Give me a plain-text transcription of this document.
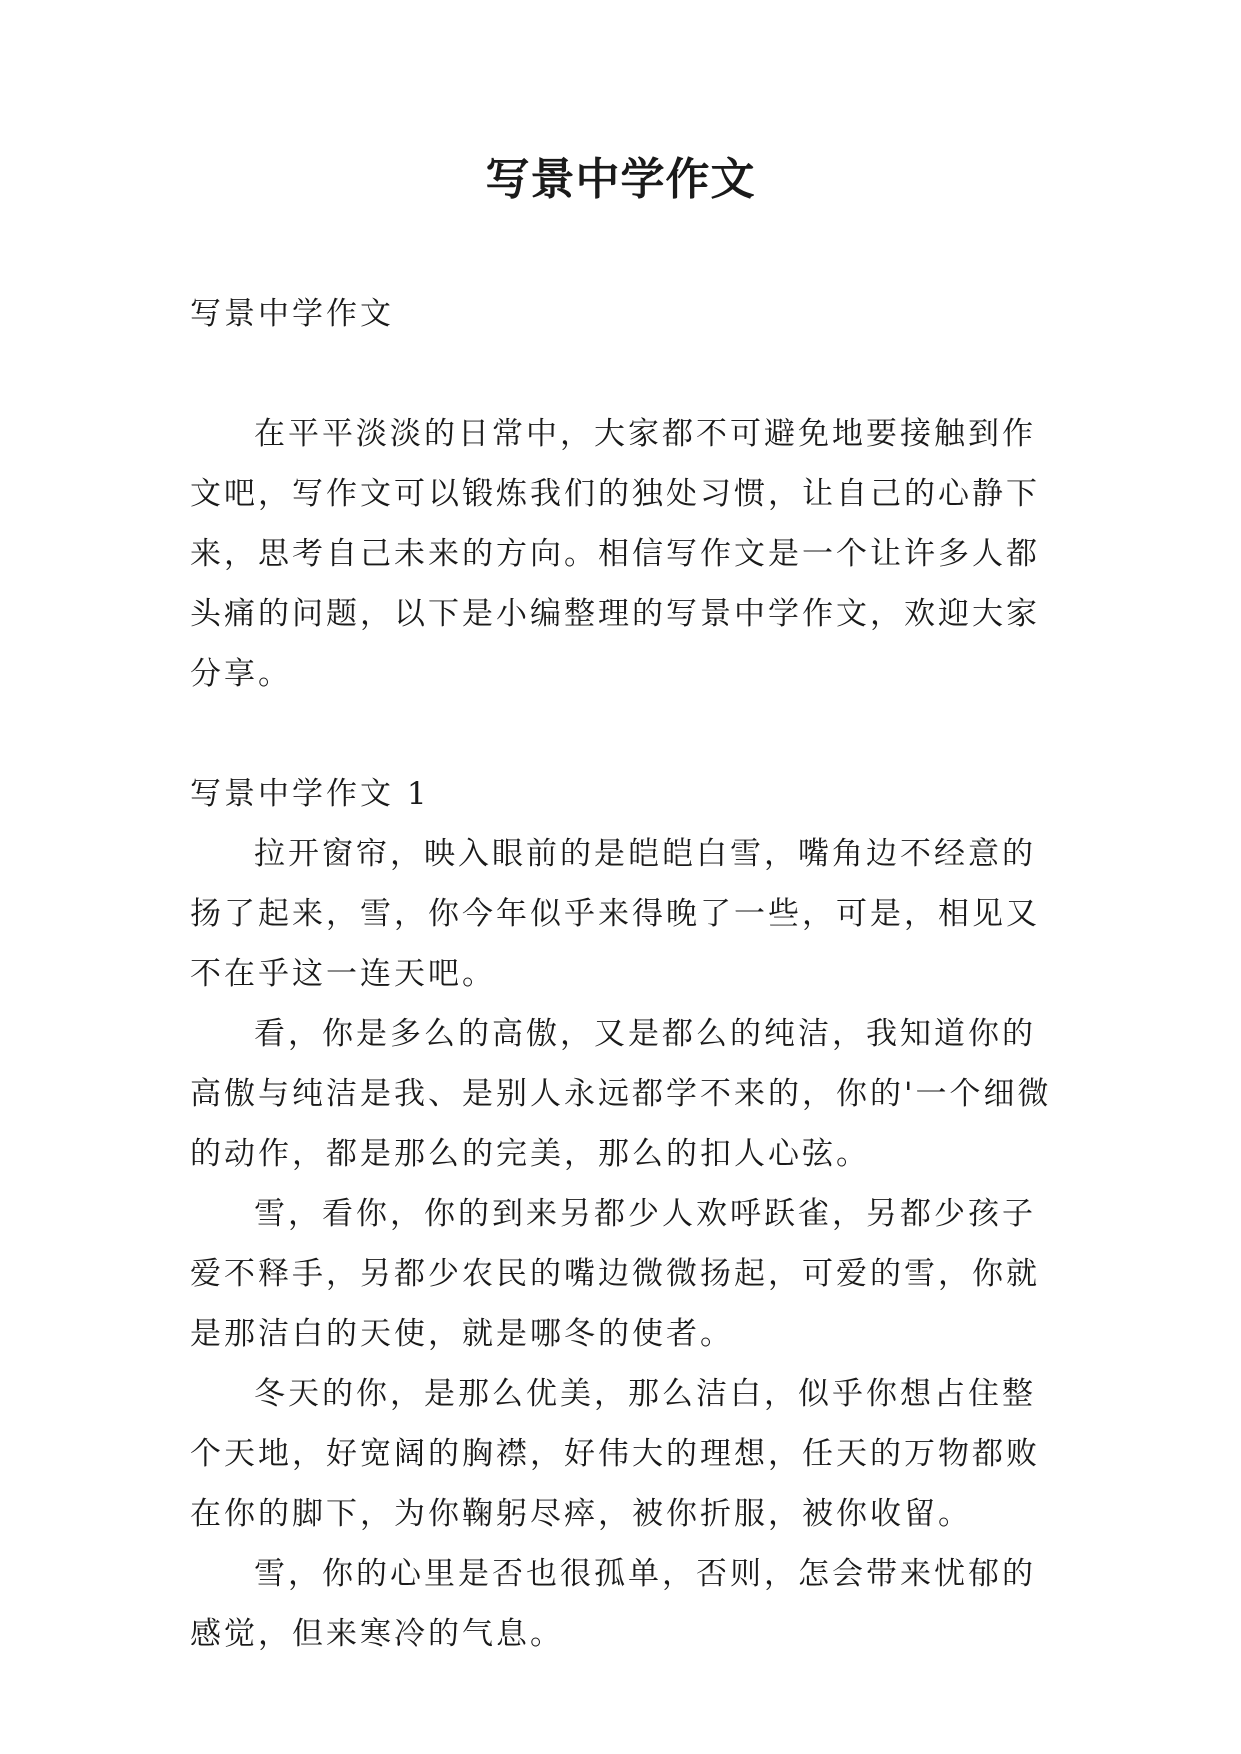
写景中学作文

写景中学作文

在平平淡淡的日常中，大家都不可避免地要接触到作文吧，写作文可以锻炼我们的独处习惯，让自己的心静下来，思考自己未来的方向。相信写作文是一个让许多人都头痛的问题，以下是小编整理的写景中学作文，欢迎大家分享。

写景中学作文 1

拉开窗帘，映入眼前的是皑皑白雪，嘴角边不经意的扬了起来，雪，你今年似乎来得晚了一些，可是，相见又不在乎这一连天吧。

看，你是多么的高傲，又是都么的纯洁，我知道你的高傲与纯洁是我、是别人永远都学不来的，你的'一个细微的动作，都是那么的完美，那么的扣人心弦。

雪，看你，你的到来另都少人欢呼跃雀，另都少孩子爱不释手，另都少农民的嘴边微微扬起，可爱的雪，你就是那洁白的天使，就是哪冬的使者。

冬天的你，是那么优美，那么洁白，似乎你想占住整个天地，好宽阔的胸襟，好伟大的理想，任天的万物都败在你的脚下，为你鞠躬尽瘁，被你折服，被你收留。

雪，你的心里是否也很孤单，否则，怎会带来忧郁的感觉，但来寒冷的气息。
